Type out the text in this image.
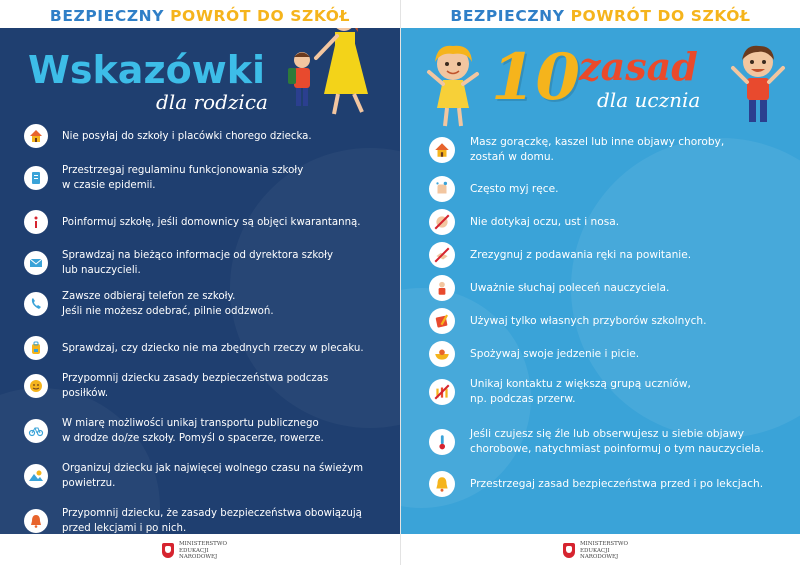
BEZPIECZNY POWRÓT DO SZKÓŁ
Wskazówki
dla rodzica
Nie posyłaj do szkoły i placówki chorego dziecka.
Przestrzegaj regulaminu funkcjonowania szkoły
w czasie epidemii.
Poinformuj szkołę, jeśli domownicy są objęci kwarantanną.
Sprawdzaj na bieżąco informacje od dyrektora szkoły
lub nauczycieli.
Zawsze odbieraj telefon ze szkoły.
Jeśli nie możesz odebrać, pilnie oddzwoń.
Sprawdzaj, czy dziecko nie ma zbędnych rzeczy w plecaku.
Przypomnij dziecku zasady bezpieczeństwa podczas
posiłków.
W miarę możliwości unikaj transportu publicznego
w drodze do/ze szkoły. Pomyśl o spacerze, rowerze.
Organizuj dziecku jak najwięcej wolnego czasu na świeżym
powietrzu.
Przypomnij dziecku, że zasady bezpieczeństwa obowiązują
przed lekcjami i po nich.
MINISTERSTWO EDUKACJI NARODOWEJ
BEZPIECZNY POWRÓT DO SZKÓŁ
10
zasad
dla ucznia
Masz gorączkę, kaszel lub inne objawy choroby,
zostań w domu.
Często myj ręce.
Nie dotykaj oczu, ust i nosa.
Zrezygnuj z podawania ręki na powitanie.
Uważnie słuchaj poleceń nauczyciela.
Używaj tylko własnych przyborów szkolnych.
Spożywaj swoje jedzenie i picie.
Unikaj kontaktu z większą grupą uczniów,
np. podczas przerw.
Jeśli czujesz się źle lub obserwujesz u siebie objawy
chorobowe, natychmiast poinformuj o tym nauczyciela.
Przestrzegaj zasad bezpieczeństwa przed i po lekcjach.
MINISTERSTWO EDUKACJI NARODOWEJ
